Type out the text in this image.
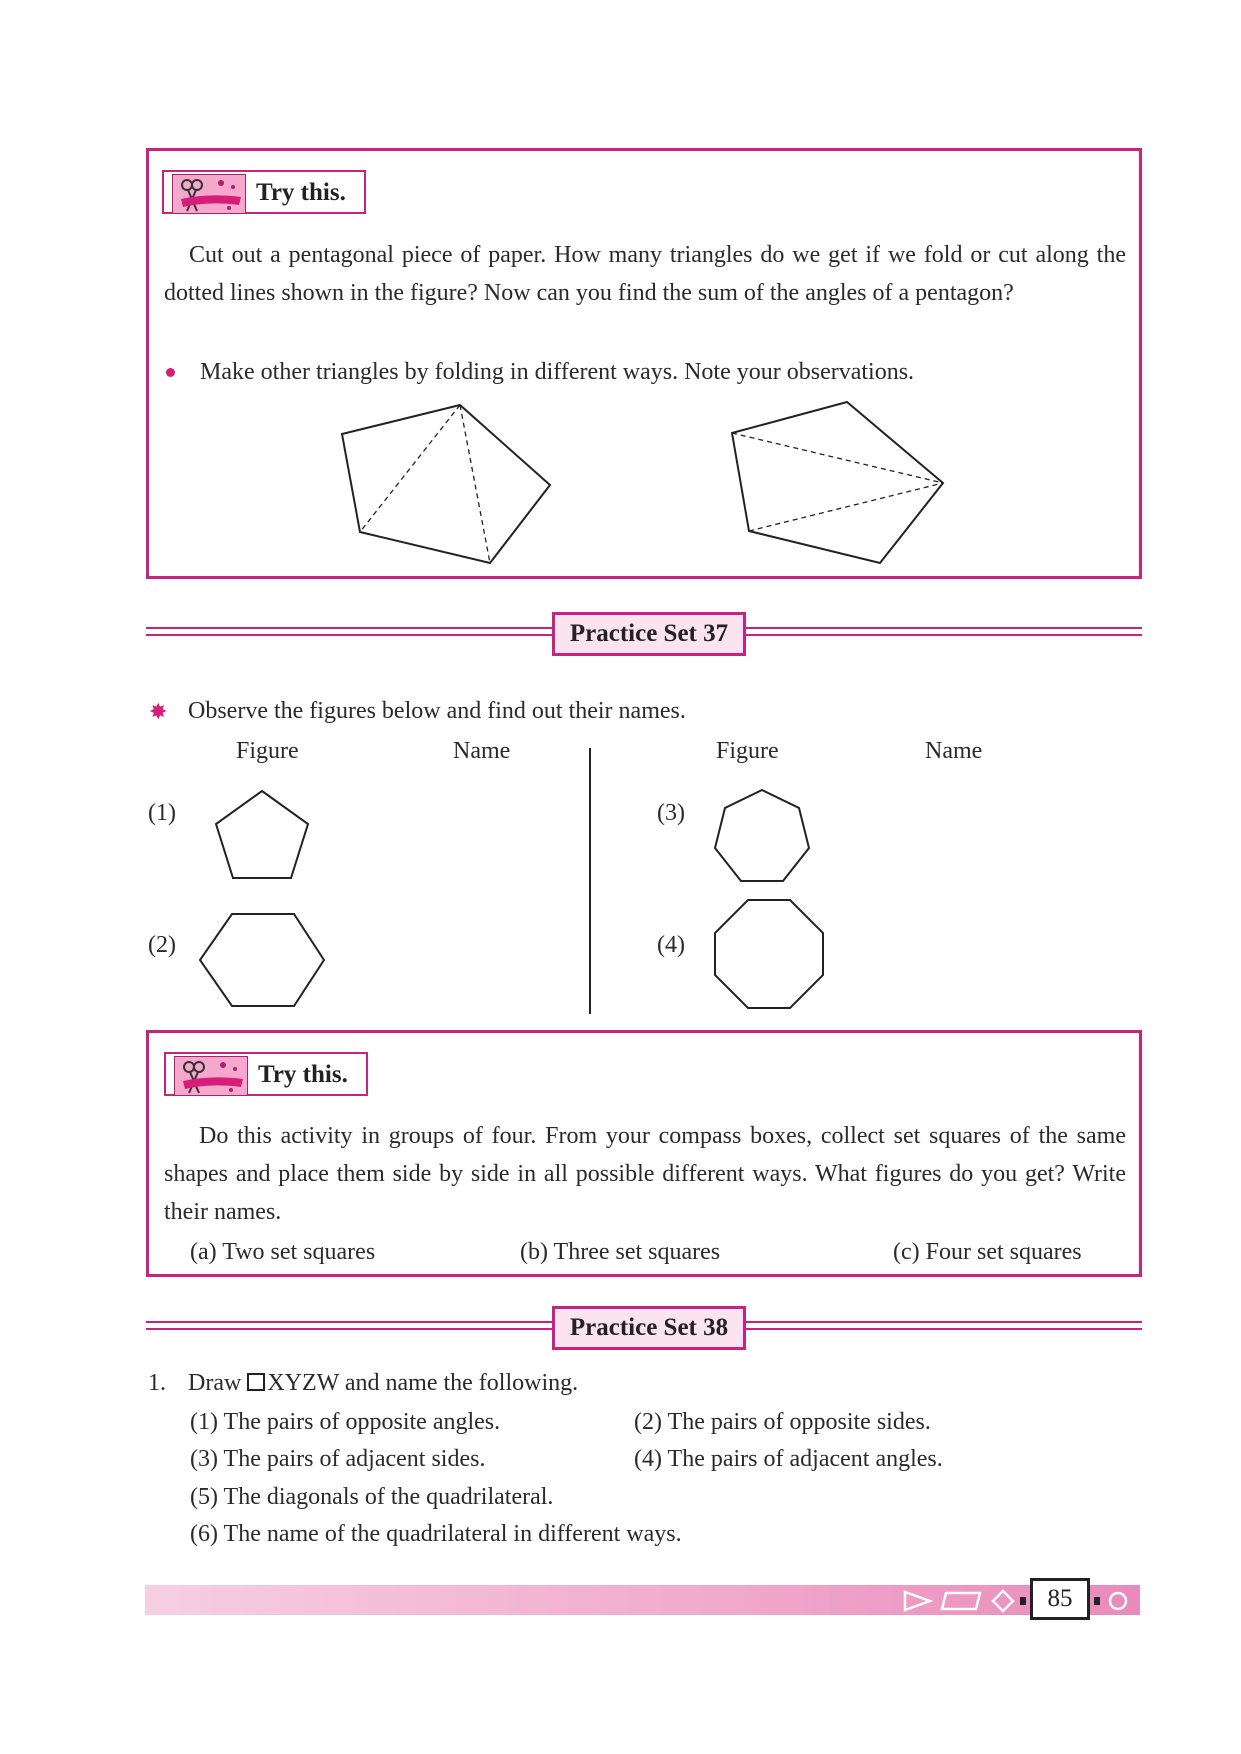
Try this.
Cut out a pentagonal piece of paper. How many triangles do we get if we fold or cut along the dotted lines shown in the figure? Now can you find the sum of the angles of a pentagon?
Make other triangles by folding in different ways. Note your observations.
Practice Set 37
✸ Observe the figures below and find out their names.
Figure	Name	Figure	Name
(1)
(2)
(3)
(4)
Try this.
Do this activity in groups of four. From your compass boxes, collect set squares of the same shapes and place them side by side in all possible different ways. What figures do you get? Write their names.
(a) Two set squares	(b) Three set squares	(c) Four set squares
Practice Set 38
1. Draw XYZW and name the following.
(1) The pairs of opposite angles.	(2) The pairs of opposite sides.
(3) The pairs of adjacent sides.	(4) The pairs of adjacent angles.
(5) The diagonals of the quadrilateral.
(6) The name of the quadrilateral in different ways.
85
